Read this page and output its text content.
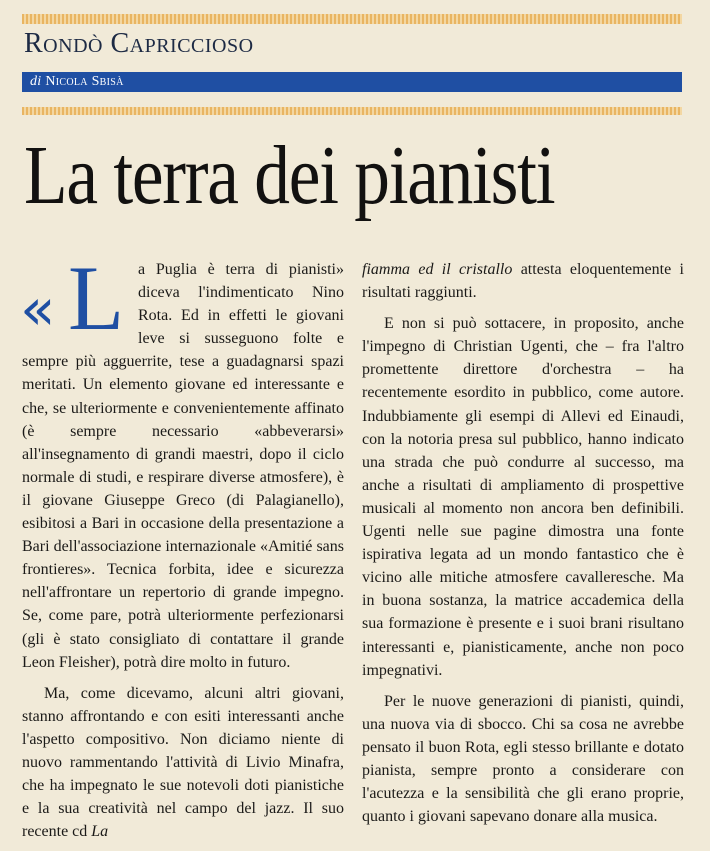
Rondò Capriccioso
di Nicola Sbisà
La terra dei pianisti

« L a Puglia è terra di pianisti» diceva l'indimenticato Nino Rota. Ed in effetti le giovani leve si susseguono folte e sempre più agguerrite, tese a guadagnarsi spazi meritati. Un elemento giovane ed interessante e che, se ulteriormente e convenientemente affinato (è sempre necessario «abbeverarsi» all'insegnamento di grandi maestri, dopo il ciclo normale di studi, e respirare diverse atmosfere), è il giovane Giuseppe Greco (di Palagianello), esibitosi a Bari in occasione della presentazione a Bari dell'associazione internazionale «Amitié sans frontieres». Tecnica forbita, idee e sicurezza nell'affrontare un repertorio di grande impegno. Se, come pare, potrà ulteriormente perfezionarsi (gli è stato consigliato di contattare il grande Leon Fleisher), potrà dire molto in futuro.

Ma, come dicevamo, alcuni altri giovani, stanno affrontando e con esiti interessanti anche l'aspetto compositivo. Non diciamo niente di nuovo rammentando l'attività di Livio Minafra, che ha impegnato le sue notevoli doti pianistiche e la sua creatività nel campo del jazz. Il suo recente cd La

fiamma ed il cristallo attesta eloquentemente i risultati raggiunti.

E non si può sottacere, in proposito, anche l'impegno di Christian Ugenti, che – fra l'altro promettente direttore d'orchestra – ha recentemente esordito in pubblico, come autore. Indubbiamente gli esempi di Allevi ed Einaudi, con la notoria presa sul pubblico, hanno indicato una strada che può condurre al successo, ma anche a risultati di ampliamento di prospettive musicali al momento non ancora ben definibili. Ugenti nelle sue pagine dimostra una fonte ispirativa legata ad un mondo fantastico che è vicino alle mitiche atmosfere cavalleresche. Ma in buona sostanza, la matrice accademica della sua formazione è presente e i suoi brani risultano interessanti e, pianisticamente, anche non poco impegnativi.

Per le nuove generazioni di pianisti, quindi, una nuova via di sbocco. Chi sa cosa ne avrebbe pensato il buon Rota, egli stesso brillante e dotato pianista, sempre pronto a considerare con l'acutezza e la sensibilità che gli erano proprie, quanto i giovani sapevano donare alla musica.
